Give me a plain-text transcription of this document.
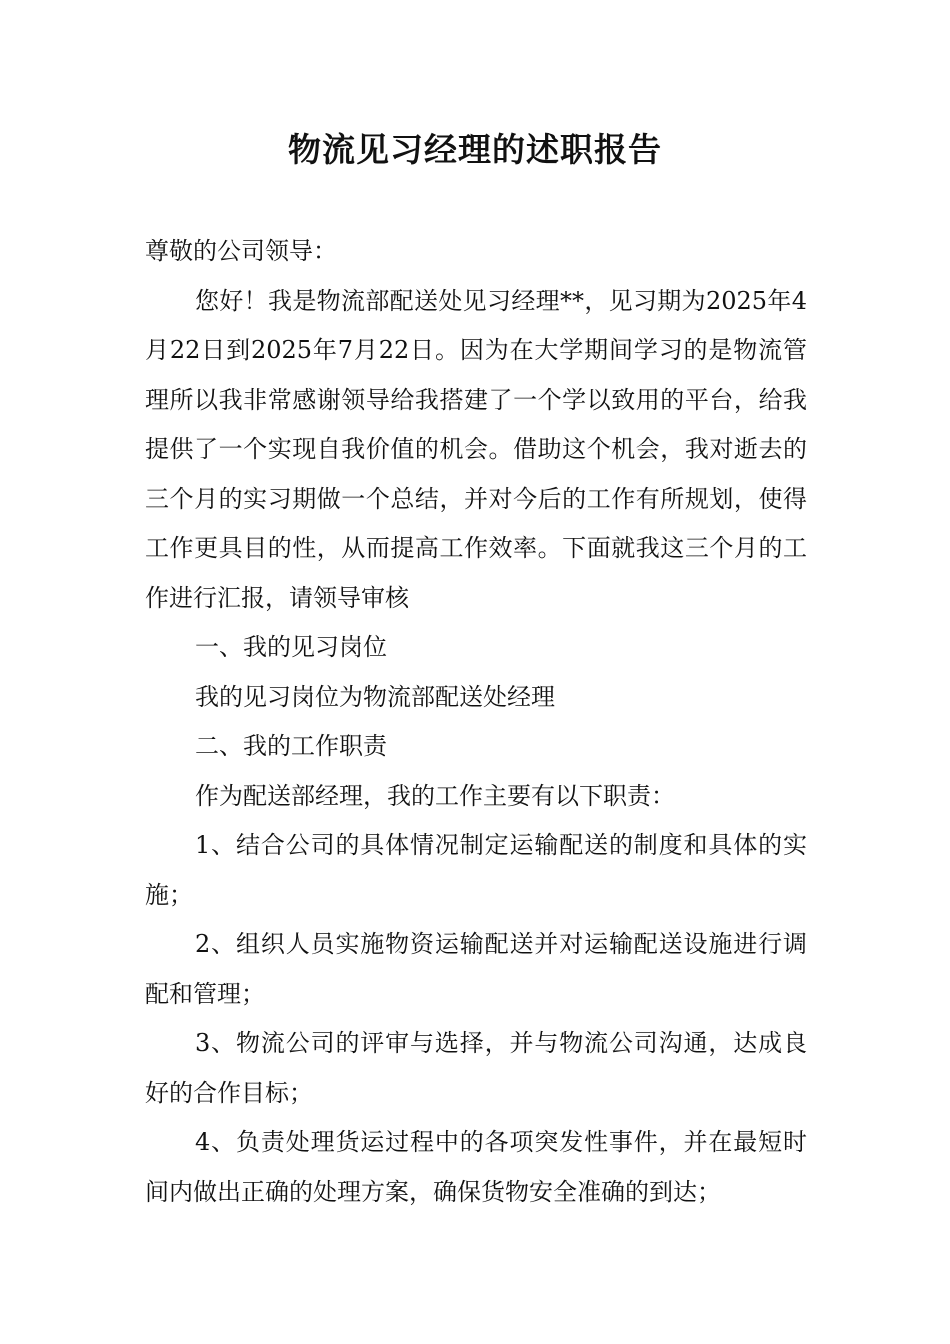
物流见习经理的述职报告

尊敬的公司领导：

您好！我是物流部配送处见习经理**，见习期为2025年4月22日到2025年7月22日。因为在大学期间学习的是物流管理所以我非常感谢领导给我搭建了一个学以致用的平台，给我提供了一个实现自我价值的机会。借助这个机会，我对逝去的三个月的实习期做一个总结，并对今后的工作有所规划，使得工作更具目的性，从而提高工作效率。下面就我这三个月的工作进行汇报，请领导审核

一、我的见习岗位

我的见习岗位为物流部配送处经理

二、我的工作职责

作为配送部经理，我的工作主要有以下职责：

1、结合公司的具体情况制定运输配送的制度和具体的实施；

2、组织人员实施物资运输配送并对运输配送设施进行调配和管理；

3、物流公司的评审与选择，并与物流公司沟通，达成良好的合作目标；

4、负责处理货运过程中的各项突发性事件，并在最短时间内做出正确的处理方案，确保货物安全准确的到达；
